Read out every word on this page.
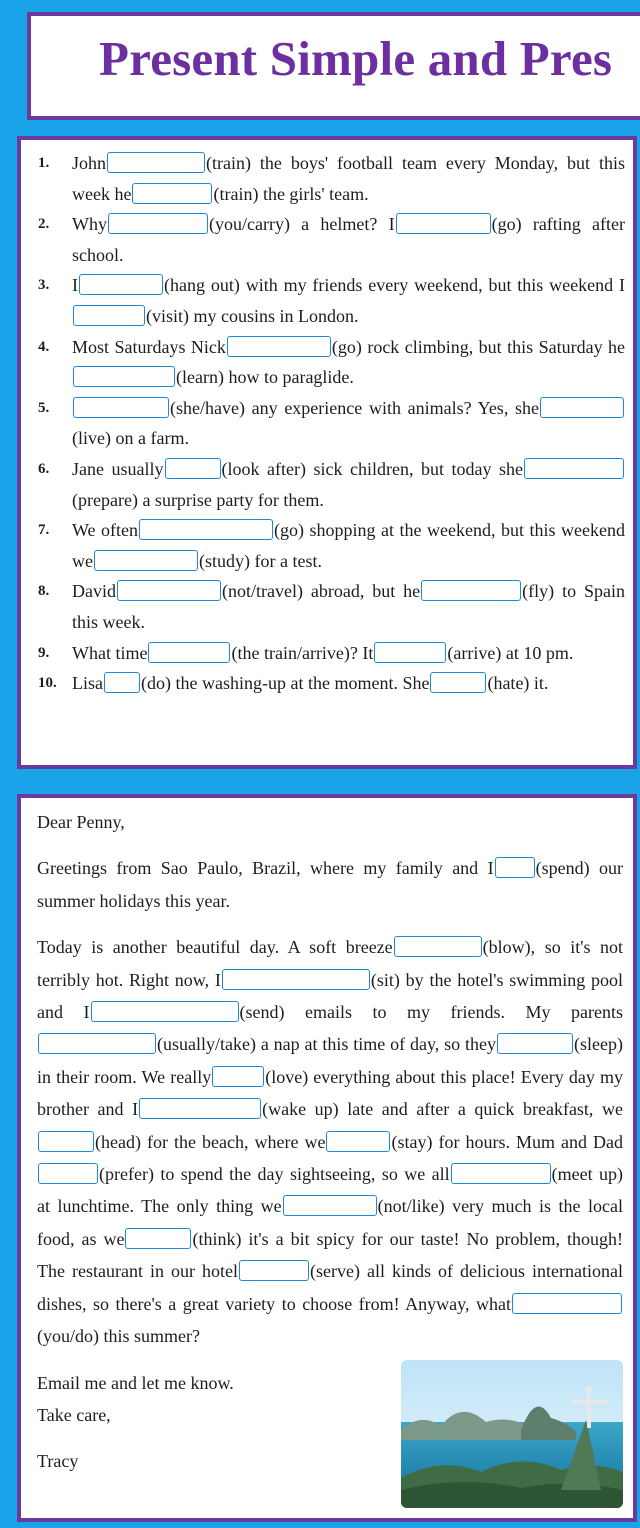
Present Simple and Pres
1. John	(train) the boys' football team every Monday, but this week he	(train) the girls' team.
2. Why	(you/carry) a helmet? I	(go) rafting after school.
3. I	(hang out) with my friends every weekend, but this weekend I(visit) my cousins in London.
4. Most Saturdays Nick	(go) rock climbing, but this Saturday he(learn) how to paraglide.
5.	(she/have) any experience with animals? Yes, she(live) on a farm.
6. Jane usually	(look after) sick children, but today she(prepare) a surprise party for them.
7. We often	(go) shopping at the weekend, but this weekend we	(study) for a test.
8. David	(not/travel) abroad, but he	(fly) to Spain this week.
9. What time	(the train/arrive)? It	(arrive) at 10 pm.
10. Lisa (do) the washing-up at the moment. She	(hate) it.

Dear Penny,

Greetings from Sao Paulo, Brazil, where my family and I (spend) our summer holidays this year.

Today is another beautiful day. A soft breeze	(blow), so it's not terribly hot. Right now, I	(sit) by the hotel's swimming pool and I	(send) emails to my friends. My parents(usually/take) a nap at this time of day, so they	(sleep) in their room. We really	(love) everything about this place! Every day my brother and I	(wake up) late and after a quick breakfast, we(head) for the beach, where we	(stay) for hours. Mum and Dad(prefer) to spend the day sightseeing, so we all	(meet up) at lunchtime. The only thing we	(not/like) very much is the local food, as we	(think) it's a bit spicy for our taste! No problem, though! The restaurant in our hotel	(serve) all kinds of delicious international dishes, so there's a great variety to choose from! Anyway, what(you/do) this summer?

Email me and let me know.

Take care,

Tracy
